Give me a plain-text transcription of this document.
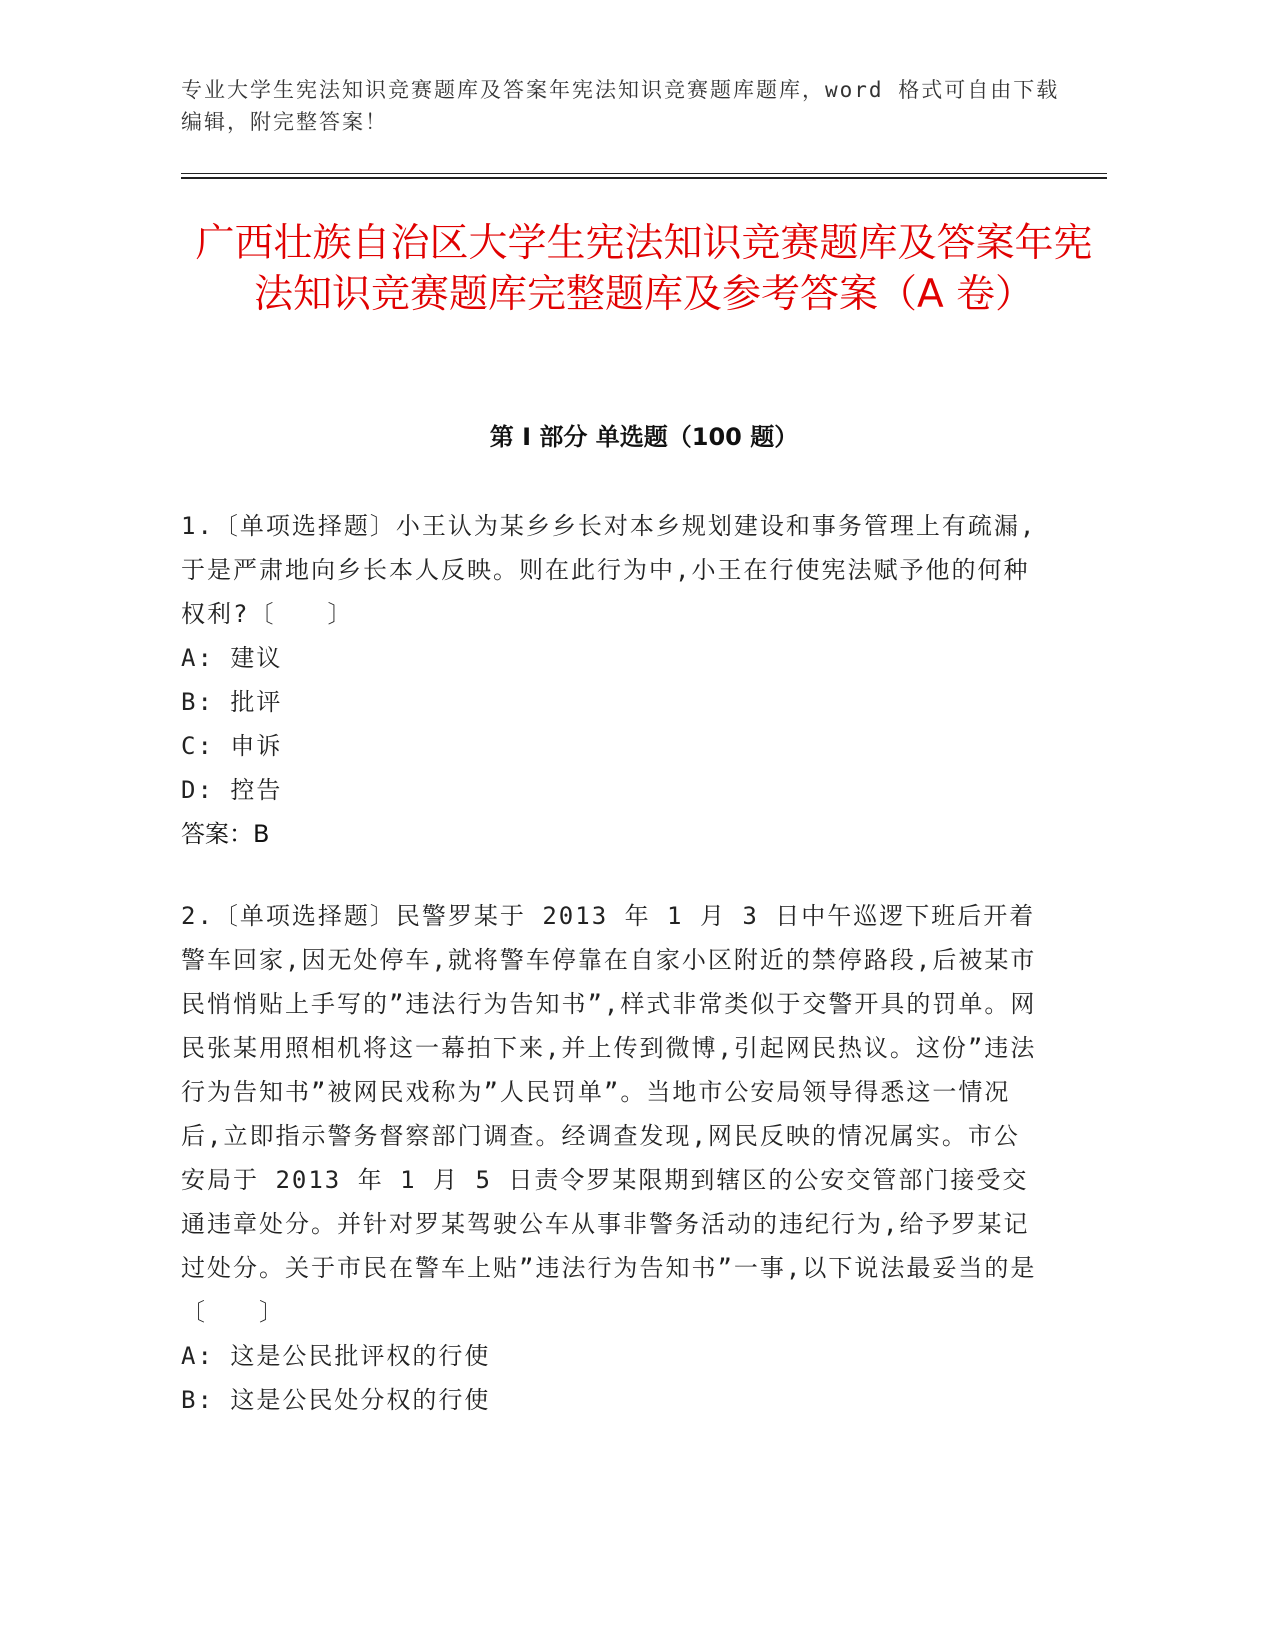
专业大学生宪法知识竞赛题库及答案年宪法知识竞赛题库题库，word 格式可自由下载编辑，附完整答案！
广西壮族自治区大学生宪法知识竞赛题库及答案年宪法知识竞赛题库完整题库及参考答案（A 卷）
第 I 部分 单选题（100 题）

1.〔单项选择题〕小王认为某乡乡长对本乡规划建设和事务管理上有疏漏,于是严肃地向乡长本人反映。则在此行为中,小王在行使宪法赋予他的何种权利?〔　　〕

A: 建议
B: 批评
C: 申诉
D: 控告
答案：B

2.〔单项选择题〕民警罗某于 2013 年 1 月 3 日中午巡逻下班后开着警车回家,因无处停车,就将警车停靠在自家小区附近的禁停路段,后被某市民悄悄贴上手写的”违法行为告知书”,样式非常类似于交警开具的罚单。网民张某用照相机将这一幕拍下来,并上传到微博,引起网民热议。这份”违法行为告知书”被网民戏称为”人民罚单”。当地市公安局领导得悉这一情况后,立即指示警务督察部门调查。经调查发现,网民反映的情况属实。市公安局于 2013 年 1 月 5 日责令罗某限期到辖区的公安交管部门接受交通违章处分。并针对罗某驾驶公车从事非警务活动的违纪行为,给予罗某记过处分。关于市民在警车上贴”违法行为告知书”一事,以下说法最妥当的是〔　　〕

A: 这是公民批评权的行使
B: 这是公民处分权的行使
